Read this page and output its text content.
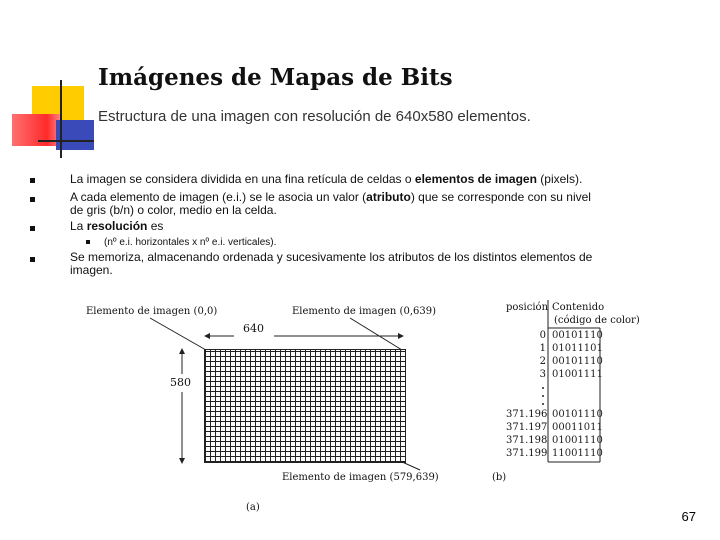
Imágenes de Mapas de Bits
Estructura de una imagen con resolución de 640x580 elementos.
La imagen se considera dividida en una fina retícula de celdas o elementos de imagen (pixels).
A cada elemento de imagen (e.i.) se le asocia un valor (atributo) que se corresponde con su nivel
de gris (b/n) o color, medio en la celda.
La resolución es
(nº e.i. horizontales x nº e.i. verticales).
Se memoriza, almacenando ordenada y sucesivamente los atributos de los distintos elementos de
imagen.
Elemento de imagen (0,0)	Elemento de imagen (0,639)
640
580
Elemento de imagen (579,639)
(a)
(b)
posición Contenido
(código de color)
0 00101110
1 01011101
2 00101110
3 01001111
371.196 00101110
371.197 00011011
371.198 01001110
371.199 11001110
67
